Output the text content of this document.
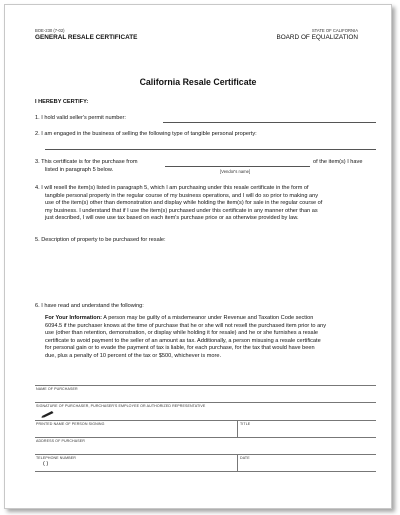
BOE-230 (7-02)
GENERAL RESALE CERTIFICATE
STATE OF CALIFORNIA
BOARD OF EQUALIZATION
California Resale Certificate
I HEREBY CERTIFY:
1. I hold valid seller's permit number:
2. I am engaged in the business of selling the following type of tangible personal property:
3. This certificate is for the purchase from	of the item(s) I have
listed in paragraph 5 below.	[Vendor's name]
4. I will resell the item(s) listed in paragraph 5, which I am purchasing under this resale certificate in the form of
tangible personal property in the regular course of my business operations, and I will do so prior to making any
use of the item(s) other than demonstration and display while holding the item(s) for sale in the regular course of
my business. I understand that if I use the item(s) purchased under this certificate in any manner other than as
just described, I will owe use tax based on each item's purchase price or as otherwise provided by law.
5. Description of property to be purchased for resale:
6. I have read and understand the following:
For Your Information: A person may be guilty of a misdemeanor under Revenue and Taxation Code section
6094.5 if the purchaser knows at the time of purchase that he or she will not resell the purchased item prior to any
use (other than retention, demonstration, or display while holding it for resale) and he or she furnishes a resale
certificate to avoid payment to the seller of an amount as tax. Additionally, a person misusing a resale certificate
for personal gain or to evade the payment of tax is liable, for each purchase, for the tax that would have been
due, plus a penalty of 10 percent of the tax or $500, whichever is more.
NAME OF PURCHASER
SIGNATURE OF PURCHASER, PURCHASER'S EMPLOYEE OR AUTHORIZED REPRESENTATIVE
PRINTED NAME OF PERSON SIGNING	TITLE
ADDRESS OF PURCHASER
TELEPHONE NUMBER
( )
DATE
